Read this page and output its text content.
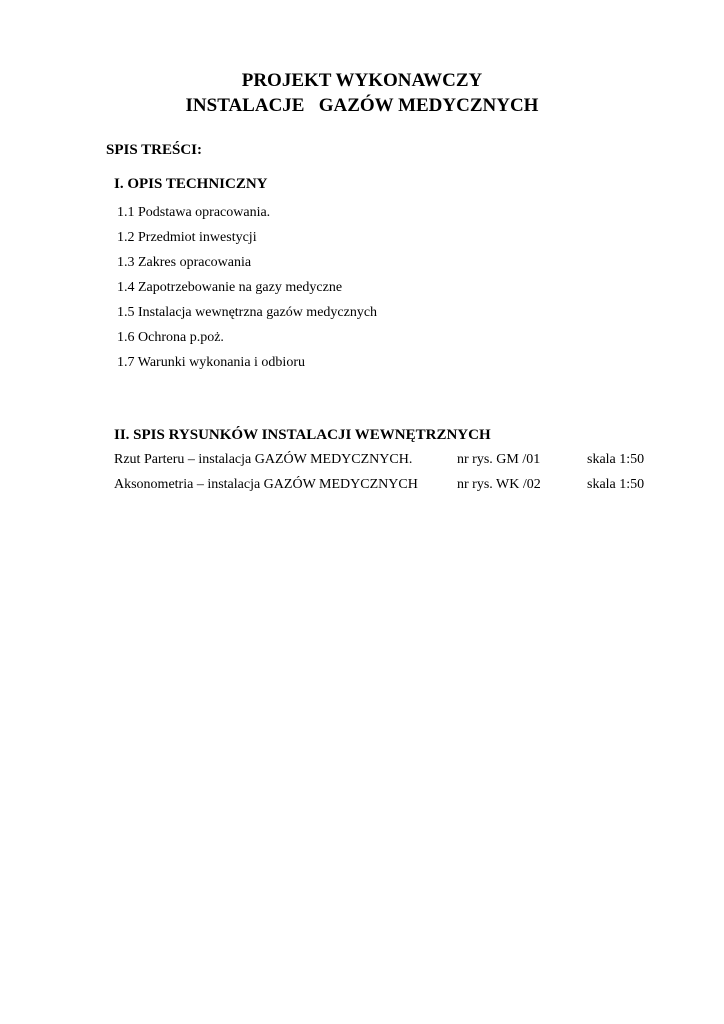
PROJEKT WYKONAWCZY
INSTALACJE   GAZÓW MEDYCZNYCH
SPIS TREŚCI:
I. OPIS TECHNICZNY
1.1 Podstawa opracowania.
1.2 Przedmiot inwestycji
1.3 Zakres opracowania
1.4 Zapotrzebowanie na gazy medyczne
1.5 Instalacja wewnętrzna gazów medycznych
1.6 Ochrona p.poż.
1.7 Warunki wykonania i odbioru
II. SPIS RYSUNKÓW INSTALACJI WEWNĘTRZNYCH
Rzut Parteru – instalacja GAZÓW MEDYCZNYCH.	nr rys. GM /01	skala 1:50
Aksonometria – instalacja GAZÓW MEDYCZNYCH	nr rys. WK /02	skala 1:50
